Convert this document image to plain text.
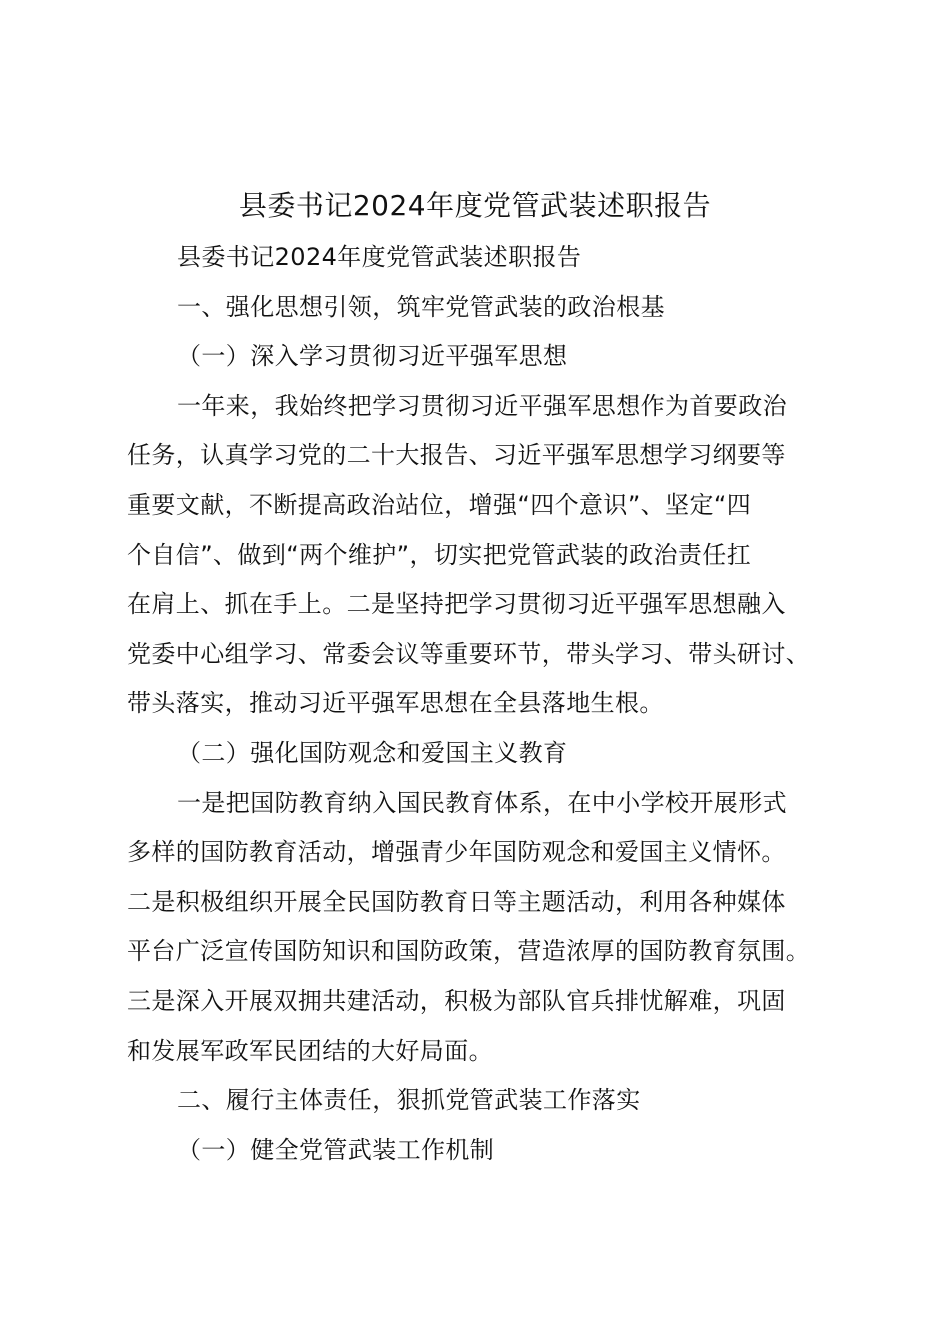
县委书记2024年度党管武装述职报告

县委书记2024年度党管武装述职报告

一、强化思想引领，筑牢党管武装的政治根基

（一）深入学习贯彻习近平强军思想

一年来，我始终把学习贯彻习近平强军思想作为首要政治

任务，认真学习党的二十大报告、习近平强军思想学习纲要等

重要文献，不断提高政治站位，增强“四个意识”、坚定“四

个自信”、做到“两个维护”，切实把党管武装的政治责任扛

在肩上、抓在手上。二是坚持把学习贯彻习近平强军思想融入

党委中心组学习、常委会议等重要环节，带头学习、带头研讨、

带头落实，推动习近平强军思想在全县落地生根。

（二）强化国防观念和爱国主义教育

一是把国防教育纳入国民教育体系，在中小学校开展形式

多样的国防教育活动，增强青少年国防观念和爱国主义情怀。

二是积极组织开展全民国防教育日等主题活动，利用各种媒体

平台广泛宣传国防知识和国防政策，营造浓厚的国防教育氛围。

三是深入开展双拥共建活动，积极为部队官兵排忧解难，巩固

和发展军政军民团结的大好局面。

二、履行主体责任，狠抓党管武装工作落实

（一）健全党管武装工作机制
